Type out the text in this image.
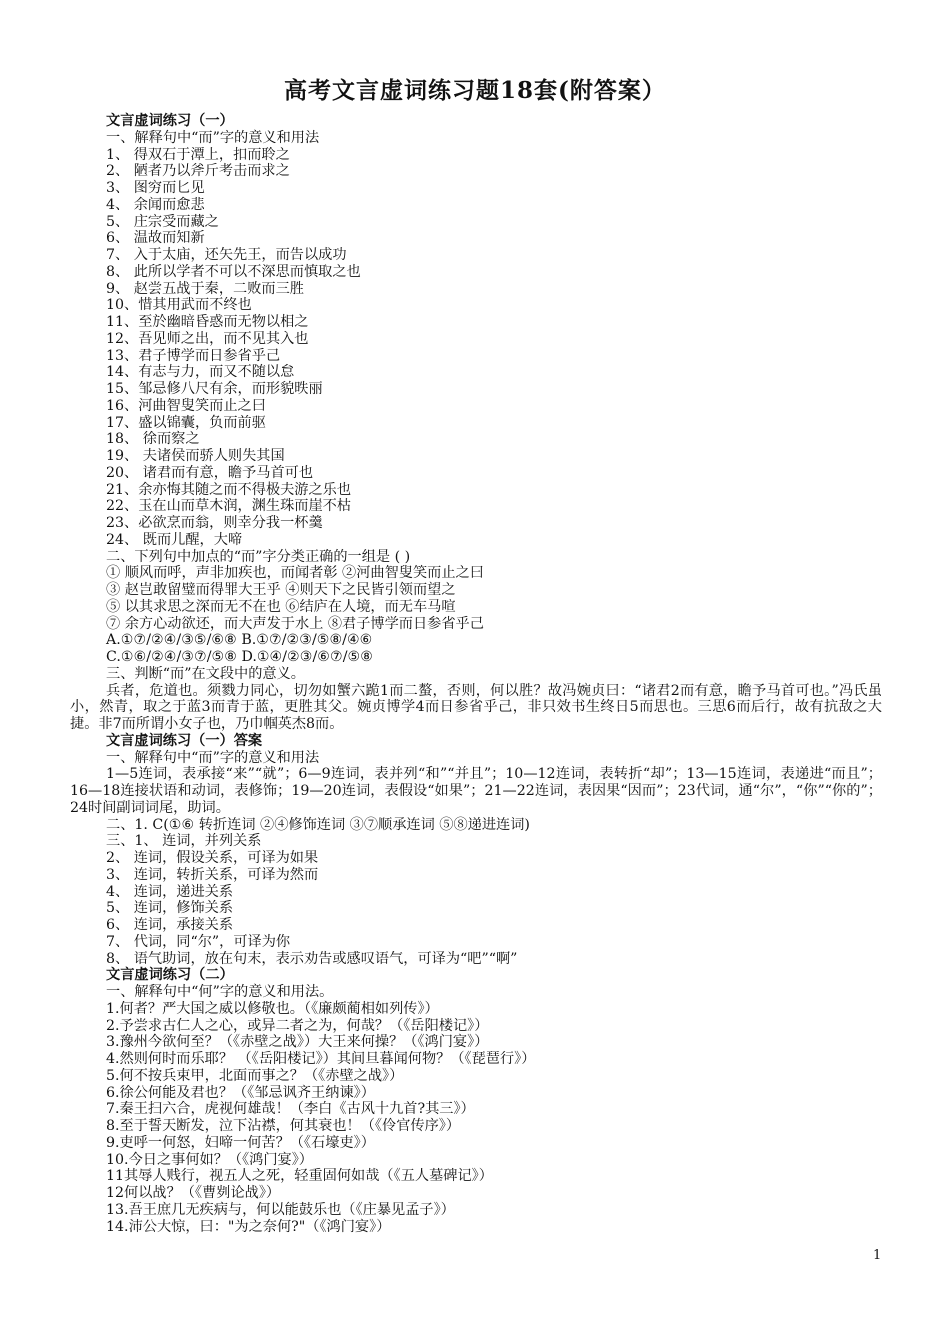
高考文言虚词练习题18套(附答案）
文言虚词练习（一）
一、解释句中“而”字的意义和用法
1、 得双石于潭上，扣而聆之
2、 陋者乃以斧斤考击而求之
3、 图穷而匕见
4、 余闻而愈悲
5、 庄宗受而藏之
6、 温故而知新
7、 入于太庙，还矢先王，而告以成功
8、 此所以学者不可以不深思而慎取之也
9、 赵尝五战于秦，二败而三胜
10、惜其用武而不终也
11、至於幽暗昏惑而无物以相之
12、吾见师之出，而不见其入也
13、君子博学而日参省乎己
14、有志与力，而又不随以怠
15、邹忌修八尺有余，而形貌昳丽
16、河曲智叟笑而止之曰
17、盛以锦囊，负而前驱
18、 徐而察之
19、 夫诸侯而骄人则失其国
20、 诸君而有意，瞻予马首可也
21、余亦悔其随之而不得极夫游之乐也
22、玉在山而草木润，渊生珠而崖不枯
23、必欲烹而翁，则幸分我一杯羹
24、 既而儿醒，大啼
二、下列句中加点的“而”字分类正确的一组是 ( )
① 顺风而呼，声非加疾也，而闻者彰 ②河曲智叟笑而止之曰
③ 赵岂敢留璧而得罪大王乎 ④则天下之民皆引领而望之
⑤ 以其求思之深而无不在也 ⑥结庐在人境，而无车马喧
⑦ 余方心动欲还，而大声发于水上 ⑧君子博学而日参省乎己
A.①⑦/②④/③⑤/⑥⑧ B.①⑦/②③/⑤⑧/④⑥
C.①⑥/②④/③⑦/⑤⑧ D.①④/②③/⑥⑦/⑤⑧
三、判断“而”在文段中的意义。
兵者，危道也。须戮力同心，切勿如蟹六跪1而二螯，否则，何以胜？故冯婉贞曰：“诸君2而有意，瞻予马首可也。”冯氏虽小，然青，取之于蓝3而青于蓝，更胜其父。婉贞博学4而日参省乎己，非只效书生终日5而思也。三思6而后行，故有抗敌之大捷。非7而所谓小女子也，乃巾帼英杰8而。
文言虚词练习（一）答案
一、解释句中“而”字的意义和用法
1—5连词，表承接“来”“就”；6—9连词，表并列“和”“并且”；10—12连词，表转折“却”；13—15连词，表递进“而且”；16—18连接状语和动词，表修饰；19—20连词，表假设“如果”；21—22连词，表因果“因而”；23代词，通“尔”，“你”“你的”；24时间副词词尾，助词。
二、1. C(①⑥ 转折连词 ②④修饰连词 ③⑦顺承连词 ⑤⑧递进连词)
三、1、 连词，并列关系
2、 连词，假设关系，可译为如果
3、 连词，转折关系，可译为然而
4、 连词，递进关系
5、 连词，修饰关系
6、 连词，承接关系
7、 代词，同“尔”，可译为你
8、 语气助词，放在句末，表示劝告或感叹语气，可译为“吧”“啊”
文言虚词练习（二）
一、解释句中“何”字的意义和用法。
1.何者？严大国之威以修敬也。（《廉颇蔺相如列传》）
2.予尝求古仁人之心，或异二者之为，何哉？（《岳阳楼记》）
3.豫州今欲何至？（《赤壁之战》）大王来何操？（《鸿门宴》）
4.然则何时而乐耶？ （《岳阳楼记》）其间旦暮闻何物？（《琵琶行》）
5.何不按兵束甲，北面而事之？（《赤壁之战》）
6.徐公何能及君也？（《邹忌讽齐王纳谏》）
7.秦王扫六合，虎视何雄哉！（李白《古风十九首?其三》）
8.至于誓天断发，泣下沾襟，何其衰也！（《伶官传序》）
9.吏呼一何怒，妇啼一何苦？（《石壕吏》）
10.今日之事何如？（《鸿门宴》）
11其辱人贱行，视五人之死，轻重固何如哉（《五人墓碑记》）
12何以战？（《曹刿论战》）
13.吾王庶几无疾病与，何以能鼓乐也（《庄暴见孟子》）
14.沛公大惊，曰："为之奈何?"（《鸿门宴》）
1
